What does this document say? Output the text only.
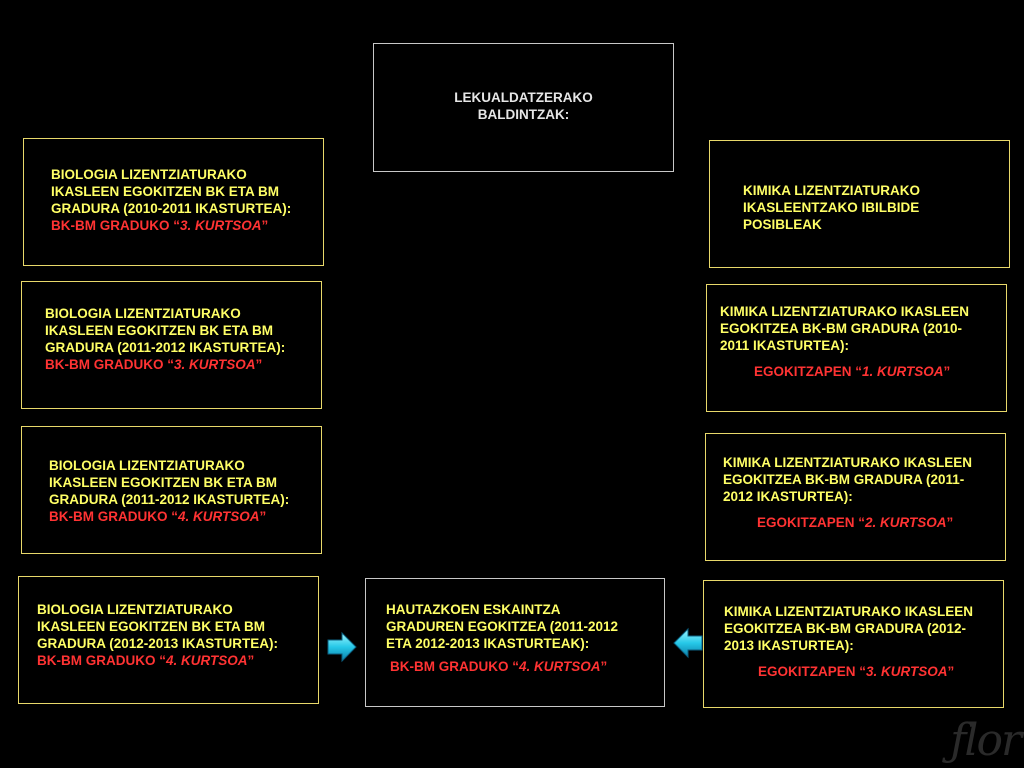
LEKUALDATZERAKO
BALDINTZAK:
BIOLOGIA LIZENTZIATURAKO
IKASLEEN EGOKITZEN BK ETA BM
GRADURA (2010-2011 IKASTURTEA):
BK-BM GRADUKO “3. KURTSOA”
BIOLOGIA LIZENTZIATURAKO
IKASLEEN EGOKITZEN BK ETA BM
GRADURA (2011-2012 IKASTURTEA):
BK-BM GRADUKO “3. KURTSOA”
BIOLOGIA LIZENTZIATURAKO
IKASLEEN EGOKITZEN BK ETA BM
GRADURA (2011-2012 IKASTURTEA):
BK-BM GRADUKO “4. KURTSOA”
BIOLOGIA LIZENTZIATURAKO
IKASLEEN EGOKITZEN BK ETA BM
GRADURA (2012-2013 IKASTURTEA):
BK-BM GRADUKO “4. KURTSOA”
KIMIKA LIZENTZIATURAKO
IKASLEENTZAKO IBILBIDE
POSIBLEAK
KIMIKA LIZENTZIATURAKO IKASLEEN
EGOKITZEA BK-BM GRADURA (2010-
2011 IKASTURTEA):
EGOKITZAPEN “1. KURTSOA”
KIMIKA LIZENTZIATURAKO IKASLEEN
EGOKITZEA BK-BM GRADURA (2011-
2012 IKASTURTEA):
EGOKITZAPEN “2. KURTSOA”
KIMIKA LIZENTZIATURAKO IKASLEEN
EGOKITZEA BK-BM GRADURA (2012-
2013 IKASTURTEA):
EGOKITZAPEN “3. KURTSOA”
HAUTAZKOEN ESKAINTZA
GRADUREN EGOKITZEA (2011-2012
ETA 2012-2013 IKASTURTEAK):
BK-BM GRADUKO “4. KURTSOA”
ƒlor
